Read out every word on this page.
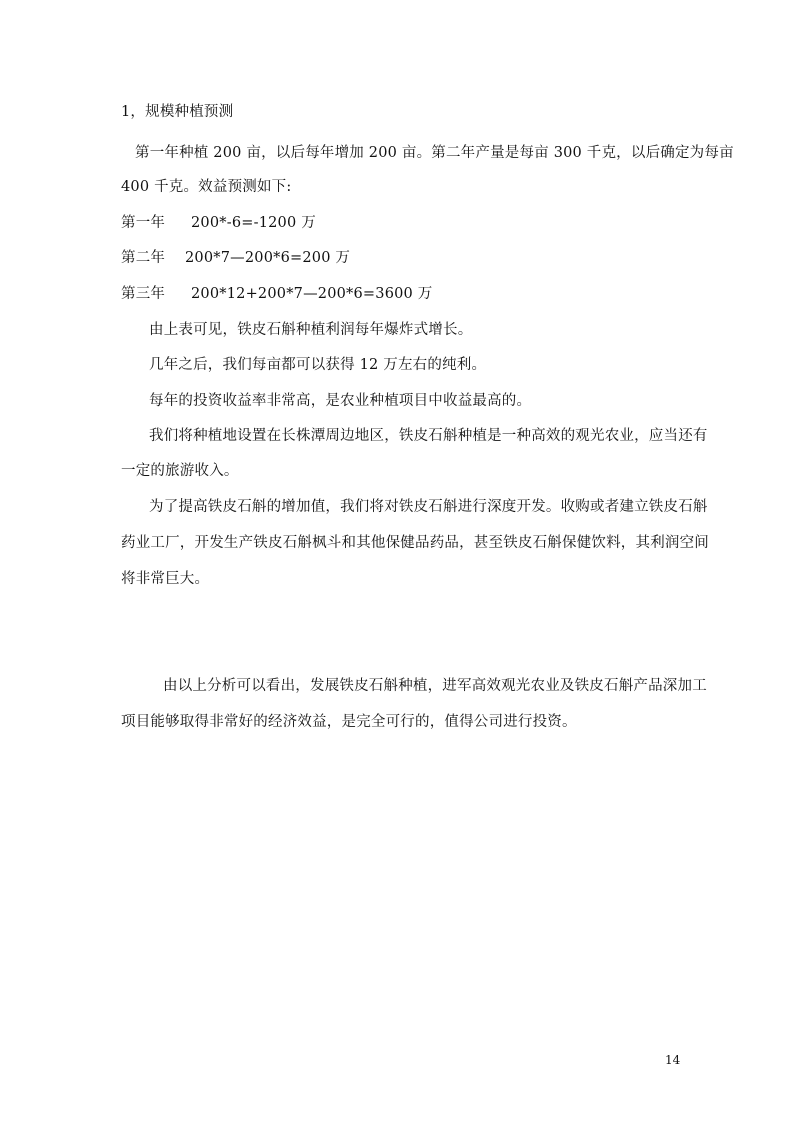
1，规模种植预测
第一年种植 200 亩，以后每年增加 200 亩。第二年产量是每亩 300 千克，以后确定为每亩
400 千克。效益预测如下:
第一年 200*-6=-1200 万
第二年 200*7—200*6=200 万
第三年 200*12+200*7—200*6=3600 万
由上表可见，铁皮石斛种植利润每年爆炸式增长。
几年之后，我们每亩都可以获得 12 万左右的纯利。
每年的投资收益率非常高，是农业种植项目中收益最高的。
我们将种植地设置在长株潭周边地区，铁皮石斛种植是一种高效的观光农业，应当还有
一定的旅游收入。
为了提高铁皮石斛的增加值，我们将对铁皮石斛进行深度开发。收购或者建立铁皮石斛
药业工厂，开发生产铁皮石斛枫斗和其他保健品药品，甚至铁皮石斛保健饮料，其利润空间
将非常巨大。
由以上分析可以看出，发展铁皮石斛种植，进军高效观光农业及铁皮石斛产品深加工
项目能够取得非常好的经济效益，是完全可行的，值得公司进行投资。
14
